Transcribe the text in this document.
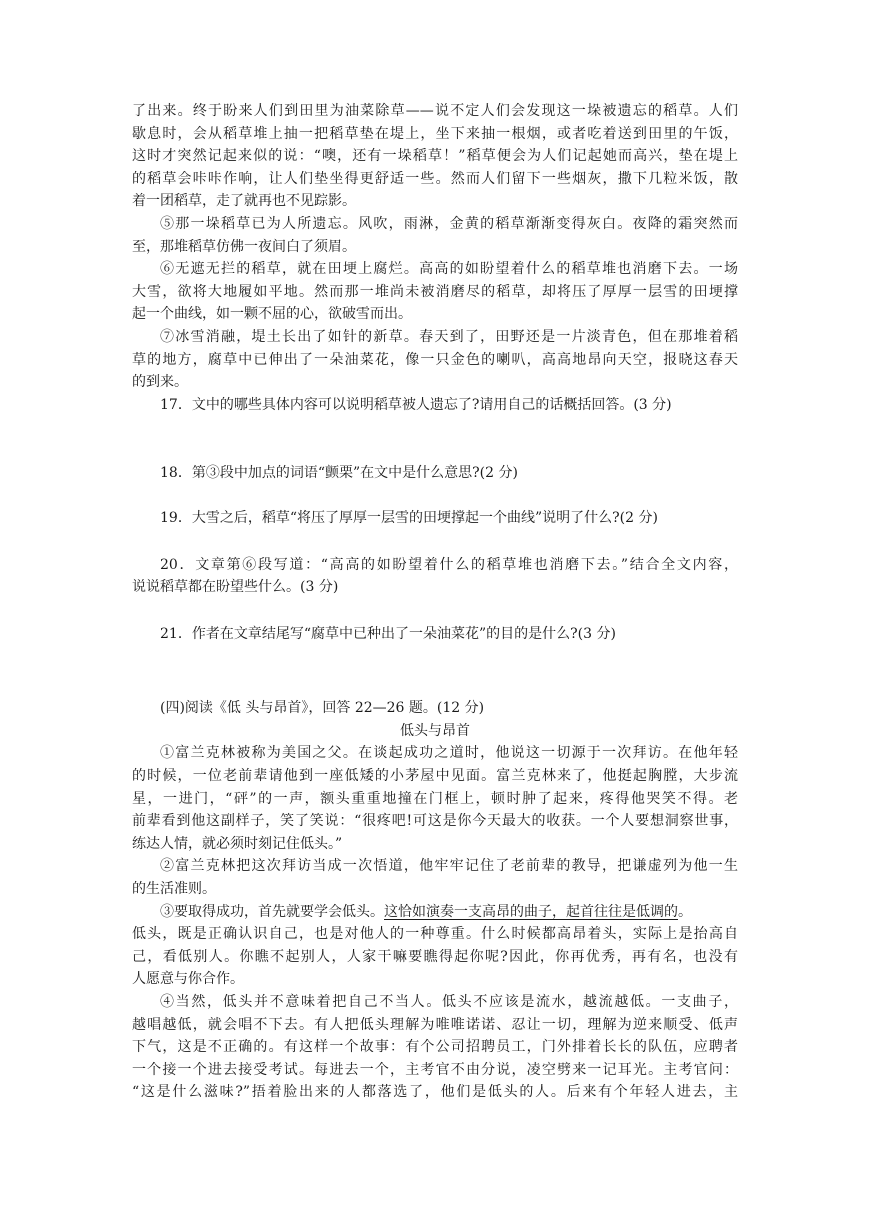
了出来。终于盼来人们到田里为油菜除草——说不定人们会发现这一垛被遗忘的稻草。人们
歇息时，会从稻草堆上抽一把稻草垫在堤上，坐下来抽一根烟，或者吃着送到田里的午饭，
这时才突然记起来似的说：“噢，还有一垛稻草！”稻草便会为人们记起她而高兴，垫在堤上
的稻草会咔咔作响，让人们垫坐得更舒适一些。然而人们留下一些烟灰，撒下几粒米饭，散
着一团稻草，走了就再也不见踪影。
⑤那一垛稻草已为人所遗忘。风吹，雨淋，金黄的稻草渐渐变得灰白。夜降的霜突然而
至，那堆稻草仿佛一夜间白了须眉。
⑥无遮无拦的稻草，就在田埂上腐烂。高高的如盼望着什么的稻草堆也消磨下去。一场
大雪，欲将大地履如平地。然而那一堆尚未被消磨尽的稻草，却将压了厚厚一层雪的田埂撑
起一个曲线，如一颗不屈的心，欲破雪而出。
⑦冰雪消融，堤土长出了如针的新草。春天到了，田野还是一片淡青色，但在那堆着稻
草的地方，腐草中已伸出了一朵油菜花，像一只金色的喇叭，高高地昂向天空，报晓这春天
的到来。
17．文中的哪些具体内容可以说明稻草被人遗忘了?请用自己的话概括回答。(3 分)
18．第③段中加点的词语“颤栗”在文中是什么意思?(2 分)
19．大雪之后，稻草“将压了厚厚一层雪的田埂撑起一个曲线”说明了什么?(2 分)
20．文章第⑥段写道：“高高的如盼望着什么的稻草堆也消磨下去。”结合全文内容，
说说稻草都在盼望些什么。(3 分)
21．作者在文章结尾写“腐草中已种出了一朵油菜花”的目的是什么?(3 分)
(四)阅读《低 头与昂首》，回答 22—26 题。(12 分)
低头与昂首
①富兰克林被称为美国之父。在谈起成功之道时，他说这一切源于一次拜访。在他年轻
的时候，一位老前辈请他到一座低矮的小茅屋中见面。富兰克林来了，他挺起胸膛，大步流
星，一进门，“砰”的一声，额头重重地撞在门框上，顿时肿了起来，疼得他哭笑不得。老
前辈看到他这副样子，笑了笑说：“很疼吧!可这是你今天最大的收获。一个人要想洞察世事，
练达人情，就必须时刻记住低头。”
②富兰克林把这次拜访当成一次悟道，他牢牢记住了老前辈的教导，把谦虚列为他一生
的生活准则。
③要取得成功，首先就要学会低头。这恰如演奏一支高昂的曲子，起首往往是低调的。
低头，既是正确认识自己，也是对他人的一种尊重。什么时候都高昂着头，实际上是抬高自
己，看低别人。你瞧不起别人，人家干嘛要瞧得起你呢?因此，你再优秀，再有名，也没有
人愿意与你合作。
④当然，低头并不意味着把自己不当人。低头不应该是流水，越流越低。一支曲子，
越唱越低，就会唱不下去。有人把低头理解为唯唯诺诺、忍让一切，理解为逆来顺受、低声
下气，这是不正确的。有这样一个故事：有个公司招聘员工，门外排着长长的队伍，应聘者
一个接一个进去接受考试。每进去一个，主考官不由分说，凌空劈来一记耳光。主考官问：
“这是什么滋味?”捂着脸出来的人都落选了，他们是低头的人。后来有个年轻人进去，主
